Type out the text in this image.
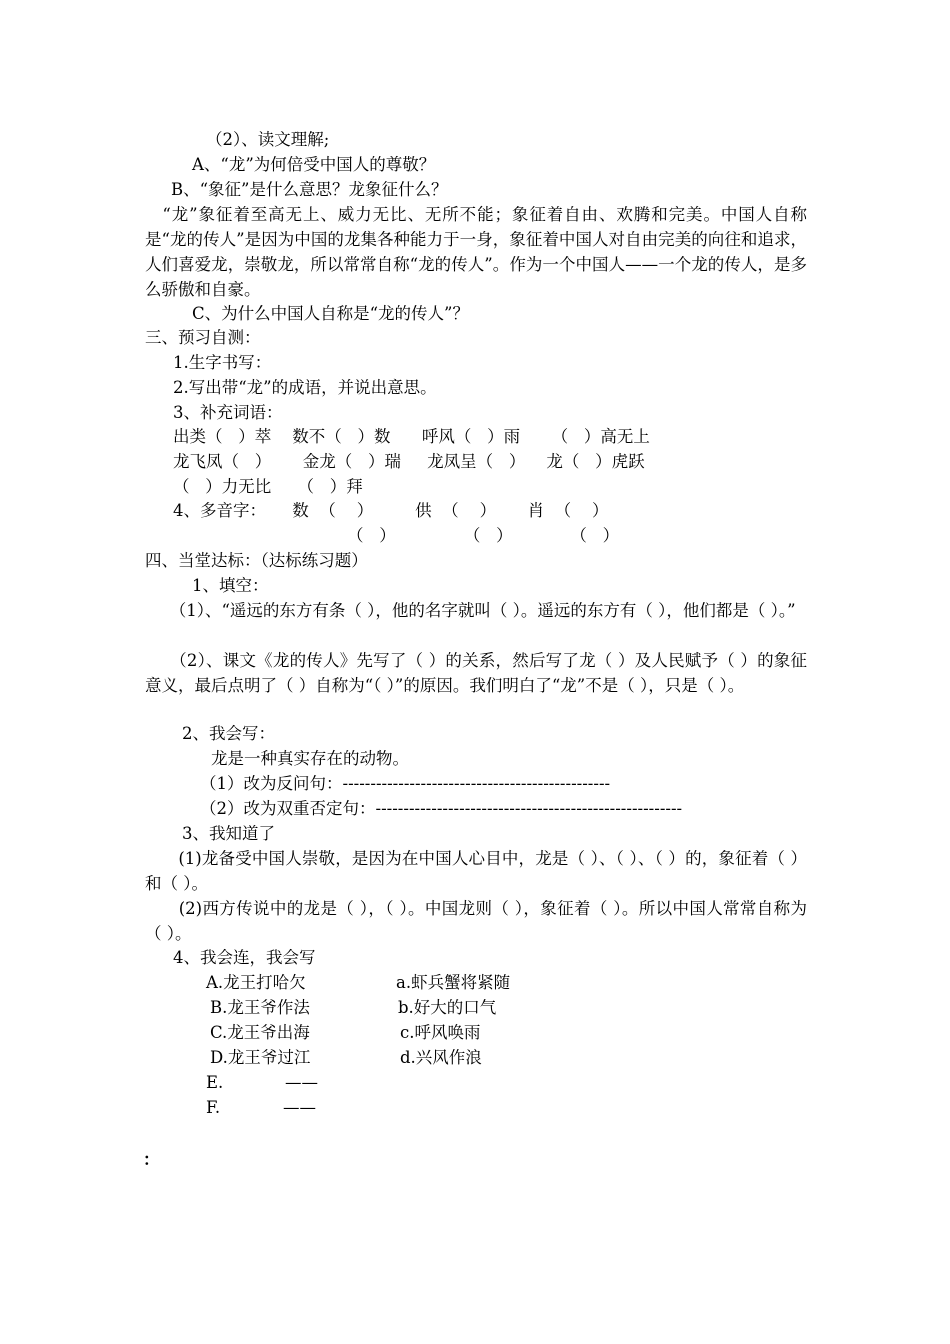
（2）、读文理解;
A、“龙”为何倍受中国人的尊敬？
B、“象征”是什么意思？龙象征什么？
　“龙”象征着至高无上、威力无比、无所不能；象征着自由、欢腾和完美。中国人自称是“龙的传人”是因为中国的龙集各种能力于一身，象征着中国人对自由完美的向往和追求，人们喜爱龙，崇敬龙，所以常常自称“龙的传人”。作为一个中国人——一个龙的传人，是多么骄傲和自豪。
C、为什么中国人自称是“龙的传人”？
三、预习自测：
1.生字书写：
2.写出带“龙”的成语，并说出意思。
3、补充词语：
出类（   ）萃    数不（   ）数      呼风（   ）雨      （   ）高无上
龙飞凤（   ）      金龙（   ）瑞     龙凤呈（   ）    龙（   ）虎跃
（   ）力无比     （   ）拜
4、多音字：     数  （    ）        供  （    ）      肖  （    ）
（   ）             （   ）           （   ）
四、当堂达标：（达标练习题）
1、填空：
　　（1）、“遥远的东方有条（ ），他的名字就叫（ ）。遥远的东方有（ ），他们都是（ ）。”
　　（2）、课文《龙的传人》先写了（ ）的关系，然后写了龙（ ）及人民赋予（ ）的象征意义，最后点明了（ ）自称为“（ ）”的原因。我们明白了“龙”不是（ ），只是（ ）。
2、我会写：
龙是一种真实存在的动物。
（1）改为反问句：------------------------------------------------
（2）改为双重否定句：-------------------------------------------------------
3、我知道了
　　(1)龙备受中国人崇敬，是因为在中国人心目中，龙是（ ）、（ ）、（ ）的，象征着（ ）和（ ）。
　　(2)西方传说中的龙是（ ），（ ）。中国龙则（ ），象征着（ ）。所以中国人常常自称为（ ）。
4、我会连，我会写
A.龙王打哈欠
B.龙王爷作法
C.龙王爷出海
D.龙王爷过江
E.
F.
a.虾兵蟹将紧随
b.好大的口气
c.呼风唤雨
d.兴风作浪
——
——
：
